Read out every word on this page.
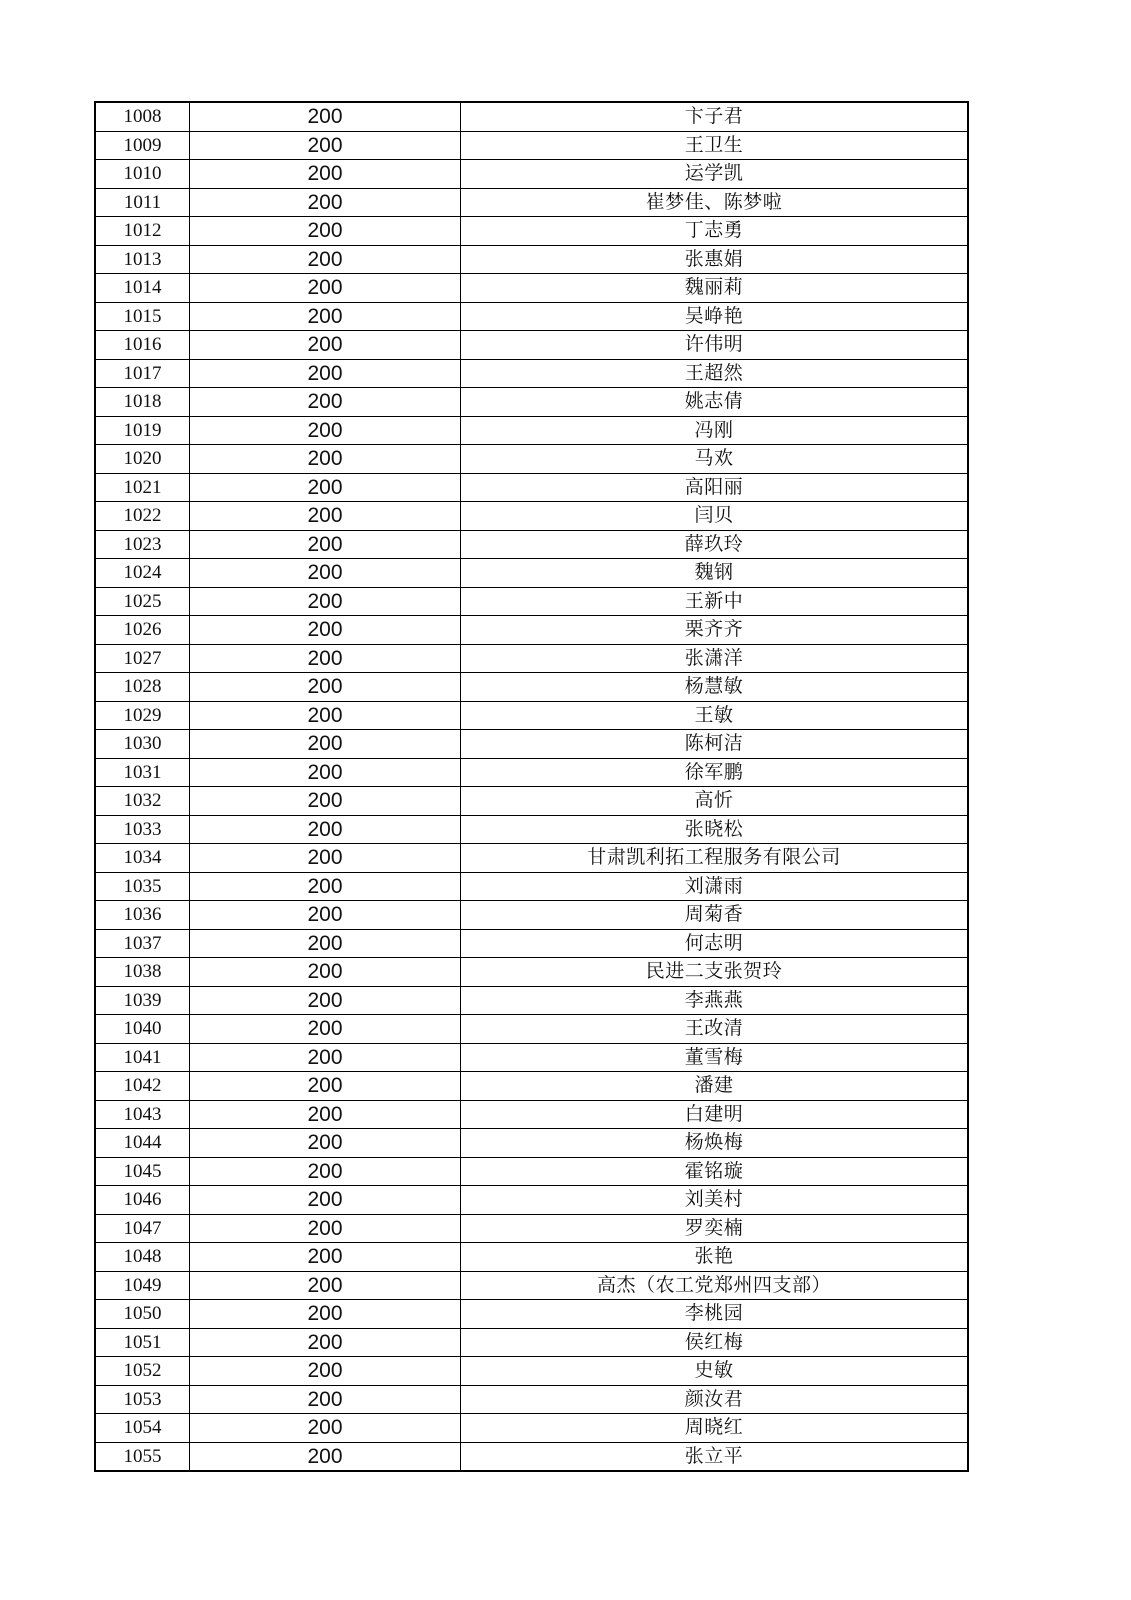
1008	200	卞子君
1009	200	王卫生
1010	200	运学凯
1011	200	崔梦佳、陈梦啦
1012	200	丁志勇
1013	200	张惠娟
1014	200	魏丽莉
1015	200	吴峥艳
1016	200	许伟明
1017	200	王超然
1018	200	姚志倩
1019	200	冯刚
1020	200	马欢
1021	200	高阳丽
1022	200	闫贝
1023	200	薛玖玲
1024	200	魏钢
1025	200	王新中
1026	200	栗齐齐
1027	200	张潇洋
1028	200	杨慧敏
1029	200	王敏
1030	200	陈柯洁
1031	200	徐军鹏
1032	200	高忻
1033	200	张晓松
1034	200	甘肃凯利拓工程服务有限公司
1035	200	刘潇雨
1036	200	周菊香
1037	200	何志明
1038	200	民进二支张贺玲
1039	200	李燕燕
1040	200	王改清
1041	200	董雪梅
1042	200	潘建
1043	200	白建明
1044	200	杨焕梅
1045	200	霍铭璇
1046	200	刘美村
1047	200	罗奕楠
1048	200	张艳
1049	200	高杰（农工党郑州四支部）
1050	200	李桃园
1051	200	侯红梅
1052	200	史敏
1053	200	颜汝君
1054	200	周晓红
1055	200	张立平
